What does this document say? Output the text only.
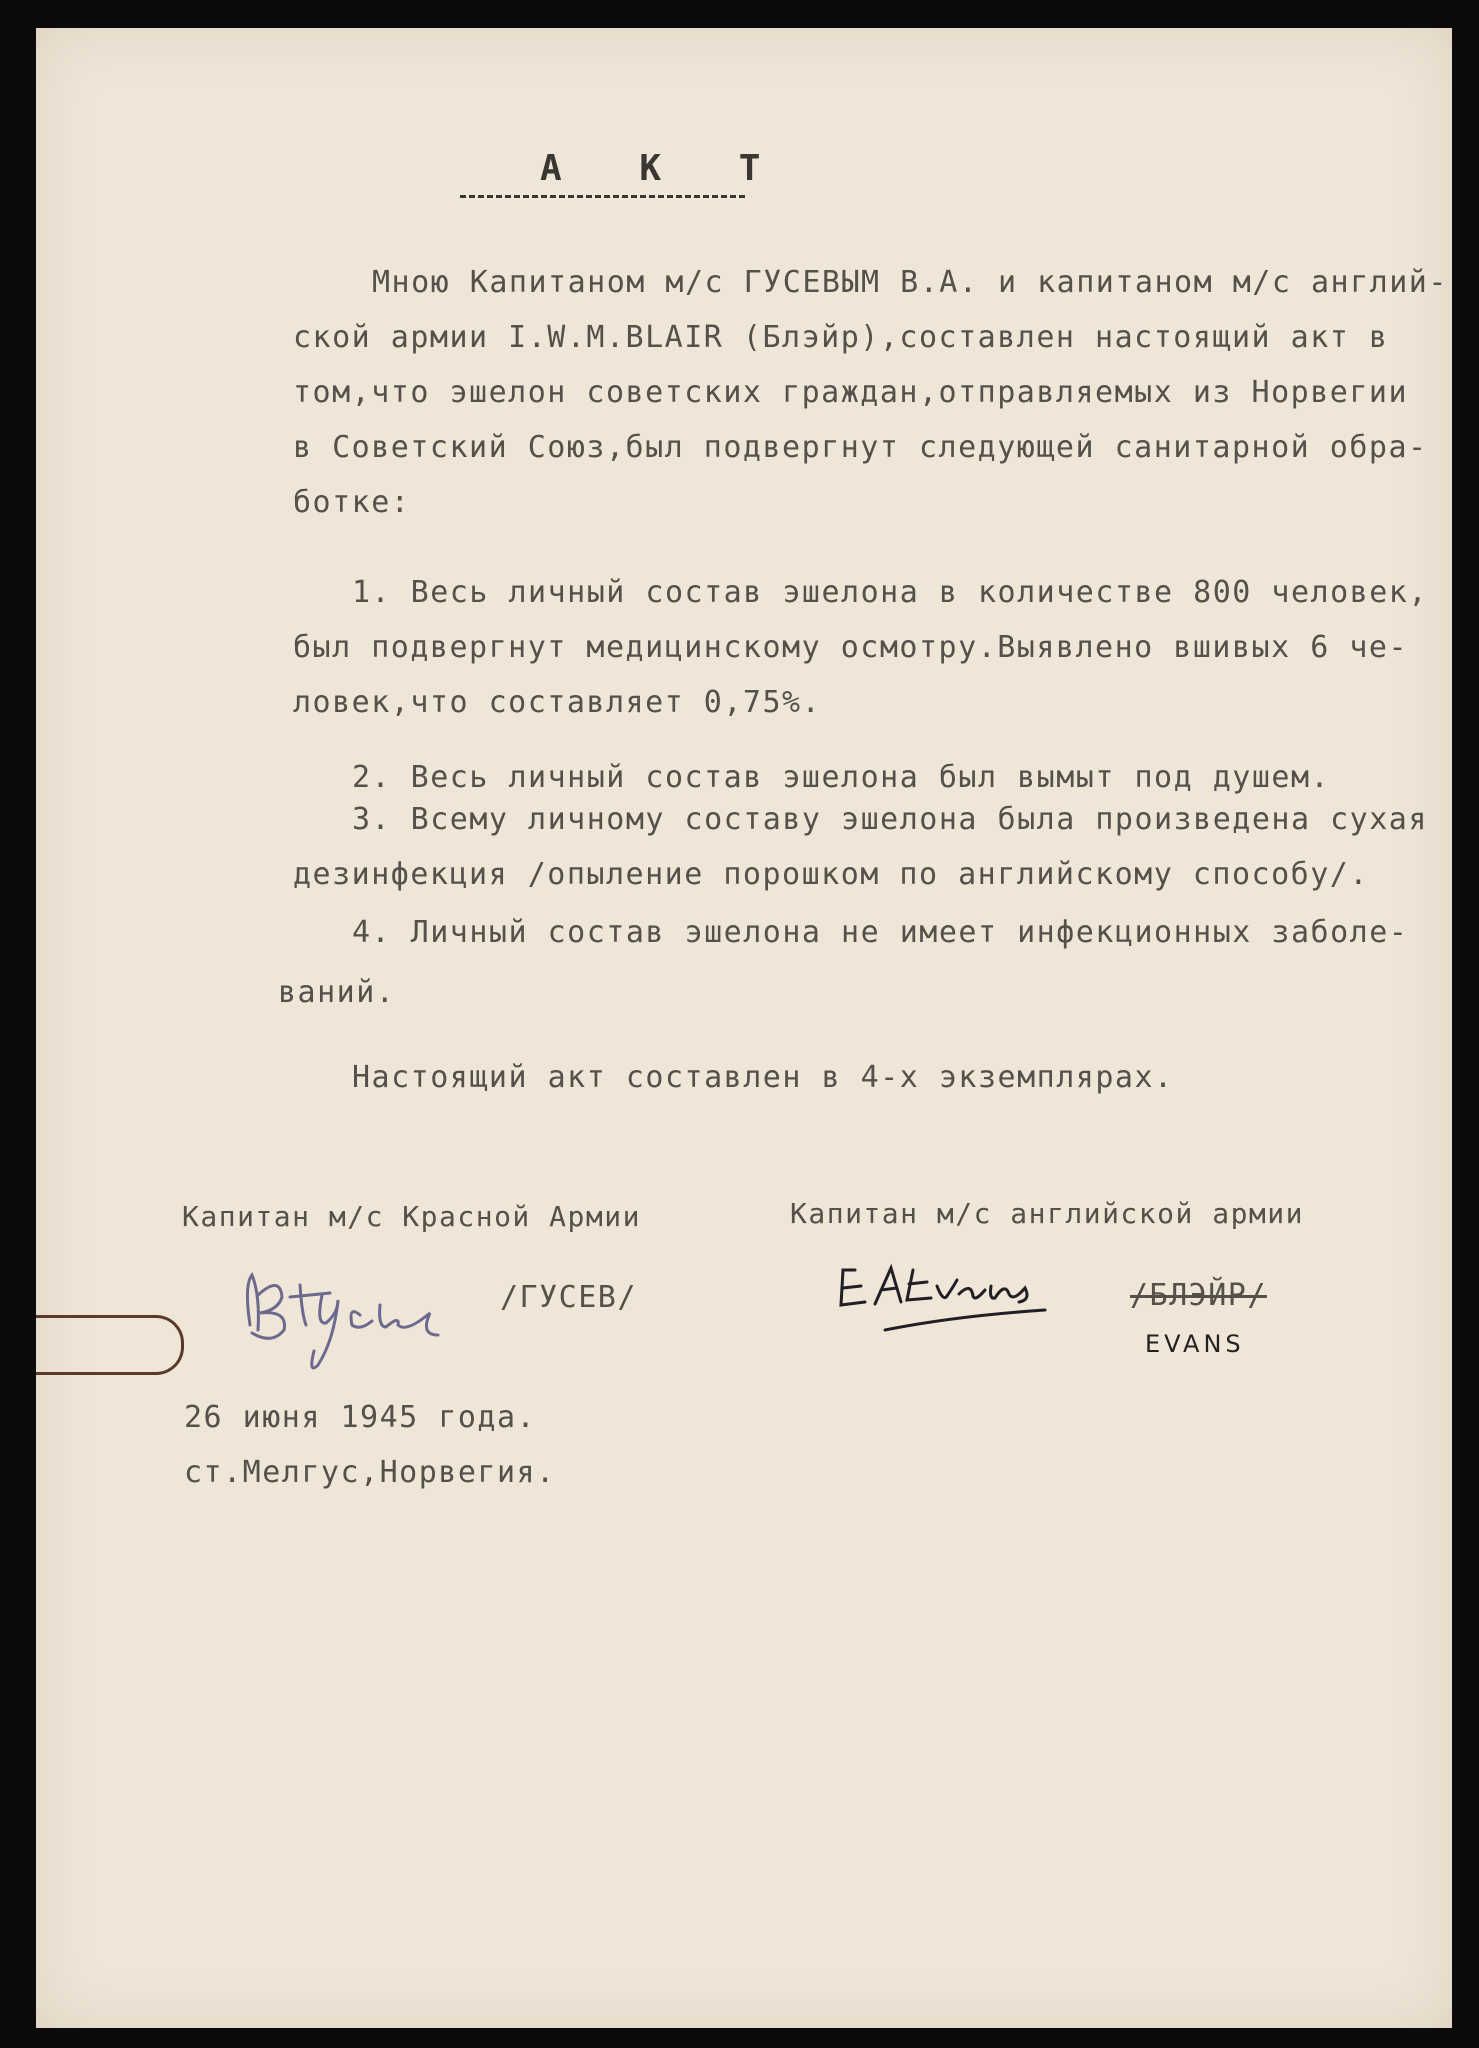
А К Т

Мною Капитаном м/с ГУСЕВЫМ В.А. и капитаном м/с англий-

ской армии I.W.M.BLAIR (Блэйр),составлен настоящий акт в

том,что эшелон советских граждан,отправляемых из Норвегии

в Советский Союз,был подвергнут следующей санитарной обра-

ботке:

1. Весь личный состав эшелона в количестве 800 человек,

был подвергнут медицинскому осмотру.Выявлено вшивых 6 че-

ловек,что составляет 0,75%.

2. Весь личный состав эшелона был вымыт под душем.

3. Всему личному составу эшелона была произведена сухая

дезинфекция /опыление порошком по английскому способу/.

4. Личный состав эшелона не имеет инфекционных заболе-

ваний.

Настоящий акт составлен в 4-х экземплярах.

Капитан м/с Красной Армии	Капитан м/с английской армии

/ГУСЕВ/	/БЛЭЙР/

EVANS

26 июня 1945 года.

ст.Мелгус,Норвегия.
